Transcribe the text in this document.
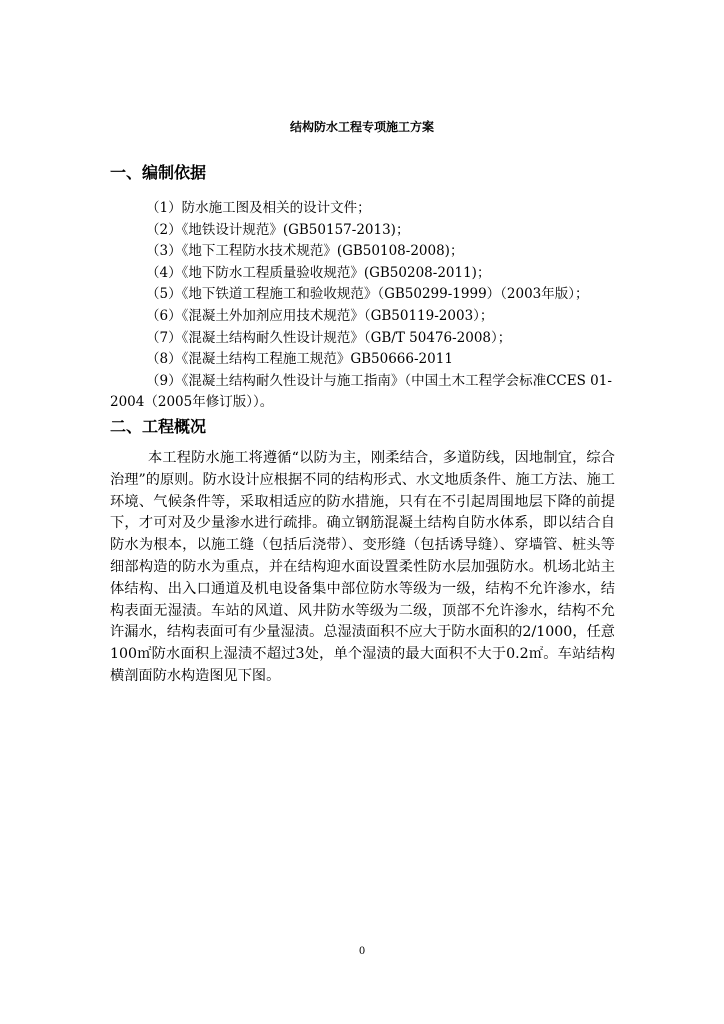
结构防水工程专项施工方案
一、编制依据
（1）防水施工图及相关的设计文件；
（2）《地铁设计规范》(GB50157-2013)；
（3）《地下工程防水技术规范》(GB50108-2008)；
（4）《地下防水工程质量验收规范》(GB50208-2011)；
（5）《地下铁道工程施工和验收规范》（GB50299-1999）（2003年版）；
（6）《混凝土外加剂应用技术规范》（GB50119-2003）；
（7）《混凝土结构耐久性设计规范》（GB/T 50476-2008）；
（8）《混凝土结构工程施工规范》GB50666-2011
（9）《混凝土结构耐久性设计与施工指南》（中国土木工程学会标准CCES 01-2004（2005年修订版））。
二、工程概况

本工程防水施工将遵循“以防为主，刚柔结合，多道防线，因地制宜，综合治理”的原则。防水设计应根据不同的结构形式、水文地质条件、施工方法、施工环境、气候条件等，采取相适应的防水措施，只有在不引起周围地层下降的前提下，才可对及少量渗水进行疏排。确立钢筋混凝土结构自防水体系，即以结合自防水为根本，以施工缝（包括后浇带）、变形缝（包括诱导缝）、穿墙管、桩头等细部构造的防水为重点，并在结构迎水面设置柔性防水层加强防水。机场北站主体结构、出入口通道及机电设备集中部位防水等级为一级，结构不允许渗水，结构表面无湿渍。车站的风道、风井防水等级为二级，顶部不允许渗水，结构不允许漏水，结构表面可有少量湿渍。总湿渍面积不应大于防水面积的2/1000，任意100㎡防水面积上湿渍不超过3处，单个湿渍的最大面积不大于0.2㎡。车站结构横剖面防水构造图见下图。

0
